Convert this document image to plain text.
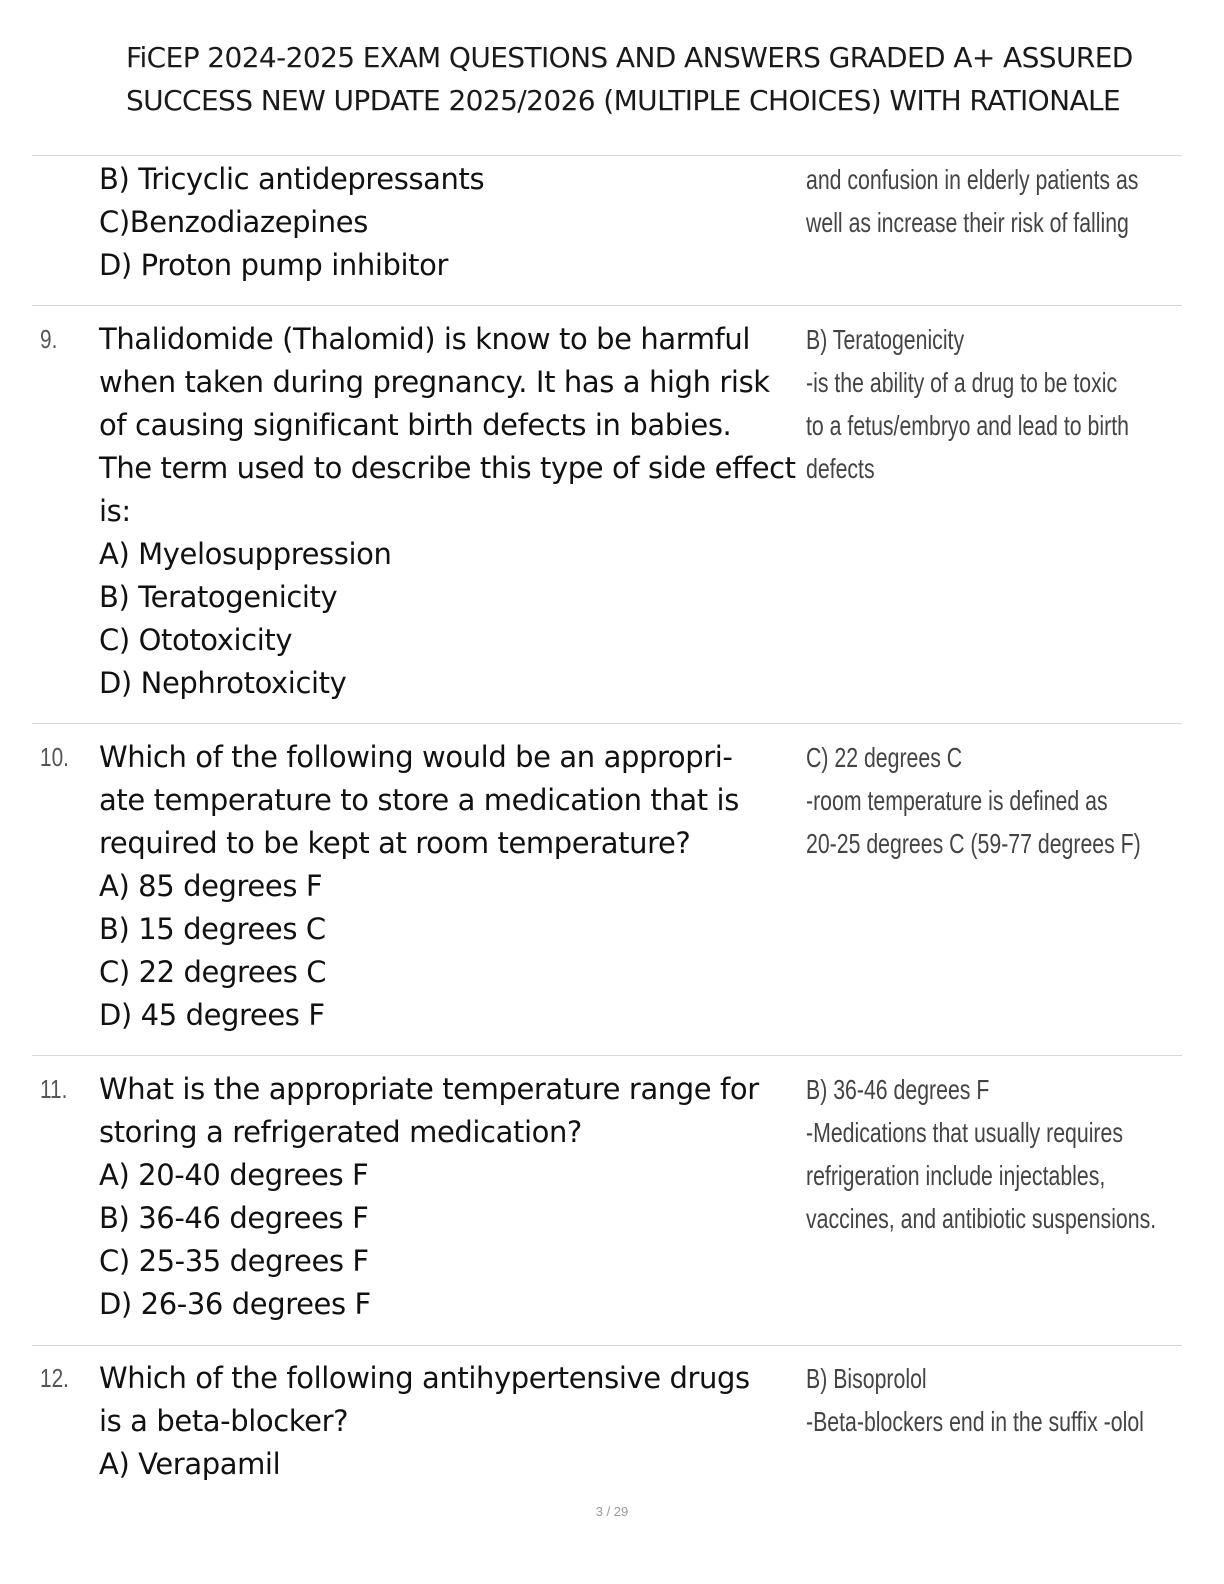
FiCEP 2024-2025 EXAM QUESTIONS AND ANSWERS GRADED A+ ASSURED
SUCCESS NEW UPDATE 2025/2026 (MULTIPLE CHOICES) WITH RATIONALE
B) Tricyclic antidepressants
C)Benzodiazepines
D) Proton pump inhibitor
and confusion in elderly patients as
well as increase their risk of falling
9. Thalidomide (Thalomid) is know to be harmful
when taken during pregnancy. It has a high risk
of causing significant birth defects in babies.
The term used to describe this type of side effect
is:
A) Myelosuppression
B) Teratogenicity
C) Ototoxicity
D) Nephrotoxicity
B) Teratogenicity
-is the ability of a drug to be toxic
to a fetus/embryo and lead to birth
defects
10. Which of the following would be an appropri-
ate temperature to store a medication that is
required to be kept at room temperature?
A) 85 degrees F
B) 15 degrees C
C) 22 degrees C
D) 45 degrees F
C) 22 degrees C
-room temperature is defined as
20-25 degrees C (59-77 degrees F)
11. What is the appropriate temperature range for
storing a refrigerated medication?
A) 20-40 degrees F
B) 36-46 degrees F
C) 25-35 degrees F
D) 26-36 degrees F
B) 36-46 degrees F
-Medications that usually requires
refrigeration include injectables,
vaccines, and antibiotic suspensions.
12. Which of the following antihypertensive drugs
is a beta-blocker?
A) Verapamil
B) Bisoprolol
-Beta-blockers end in the suffix -olol
3 / 29
